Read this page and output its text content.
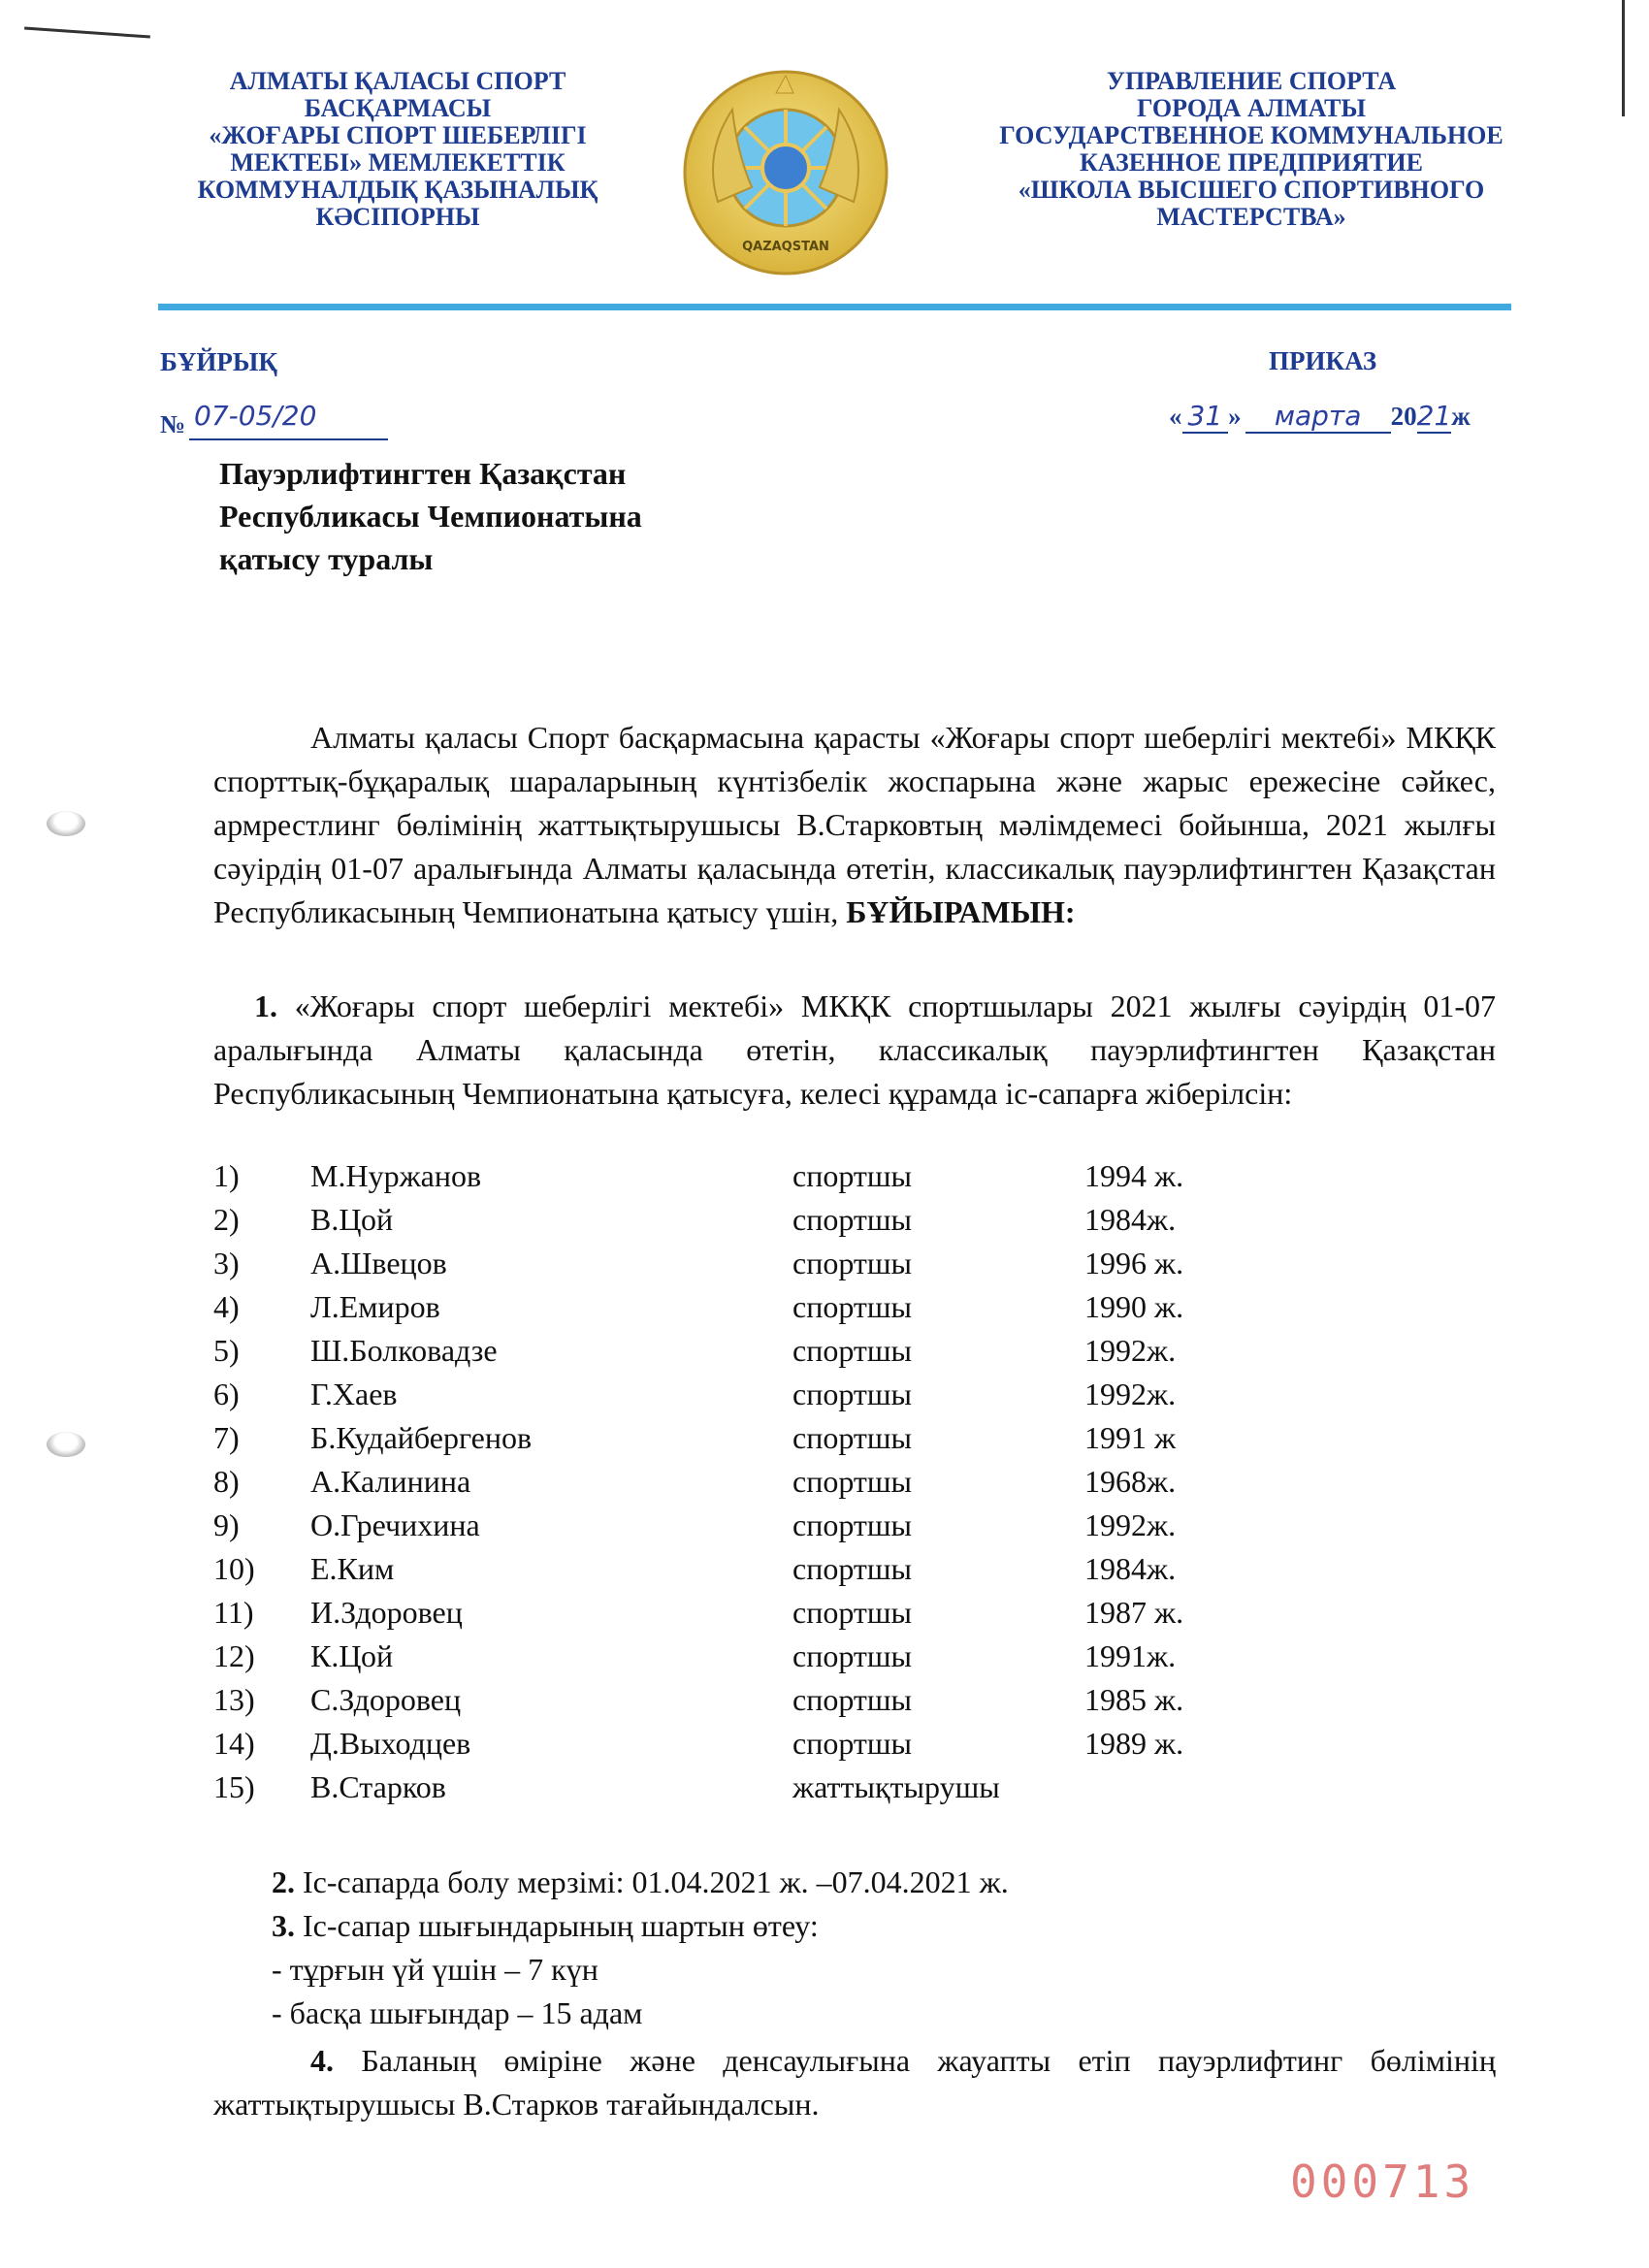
АЛМАТЫ ҚАЛАСЫ СПОРТ
БАСҚАРМАСЫ
«ЖОҒАРЫ СПОРТ ШЕБЕРЛІГІ
МЕКТЕБІ» МЕМЛЕКЕТТІК
КОММУНАЛДЫҚ ҚАЗЫНАЛЫҚ
КӘСІПОРНЫ
QAZAQSTAN
УПРАВЛЕНИЕ СПОРТА
ГОРОДА АЛМАТЫ
ГОСУДАРСТВЕННОЕ КОММУНАЛЬНОЕ
КАЗЕННОЕ ПРЕДПРИЯТИЕ
«ШКОЛА ВЫСШЕГО СПОРТИВНОГО
МАСТЕРСТВА»
БҰЙРЫҚ	ПРИКАЗ
№ 07-05/20	« 31 » марта 2021ж
Пауэрлифтингтен Қазақстан
Республикасы Чемпионатына
қатысу туралы
Алматы қаласы Спорт басқармасына қарасты «Жоғары спорт шеберлігі мектебі» МКҚК спорттық-бұқаралық шараларының күнтізбелік жоспарына және жарыс ережесіне сәйкес, армрестлинг бөлімінің жаттықтырушысы В.Старковтың мәлімдемесі бойынша, 2021 жылғы сәуірдің 01-07 аралығында Алматы қаласында өтетін, классикалық пауэрлифтингтен Қазақстан Республикасының Чемпионатына қатысу үшін, БҰЙЫРАМЫН:
1. «Жоғары спорт шеберлігі мектебі» МКҚК спортшылары 2021 жылғы сәуірдің 01-07 аралығында Алматы қаласында өтетін, классикалық пауэрлифтингтен Қазақстан Республикасының Чемпионатына қатысуға, келесі құрамда іс-сапарға жіберілсін:
1) М.Нуржанов	спортшы	1994 ж.
2) В.Цой	спортшы	1984ж.
3) А.Швецов	спортшы	1996 ж.
4) Л.Емиров	спортшы	1990 ж.
5) Ш.Болковадзе	спортшы	1992ж.
6) Г.Хаев	спортшы	1992ж.
7) Б.Кудайбергенов	спортшы	1991 ж
8) А.Калинина	спортшы	1968ж.
9) О.Гречихина	спортшы	1992ж.
10) Е.Ким	спортшы	1984ж.
11) И.Здоровец	спортшы	1987 ж.
12) К.Цой	спортшы	1991ж.
13) С.Здоровец	спортшы	1985 ж.
14) Д.Выходцев	спортшы	1989 ж.
15) В.Старков	жаттықтырушы
2. Іс-сапарда болу мерзімі: 01.04.2021 ж. –07.04.2021 ж.
3. Іс-сапар шығындарының шартын өтеу:
- тұрғын үй үшін – 7 күн
- басқа шығындар – 15 адам
4. Баланың өміріне және денсаулығына жауапты етіп пауэрлифтинг бөлімінің жаттықтырушысы В.Старков тағайындалсын.
000713
